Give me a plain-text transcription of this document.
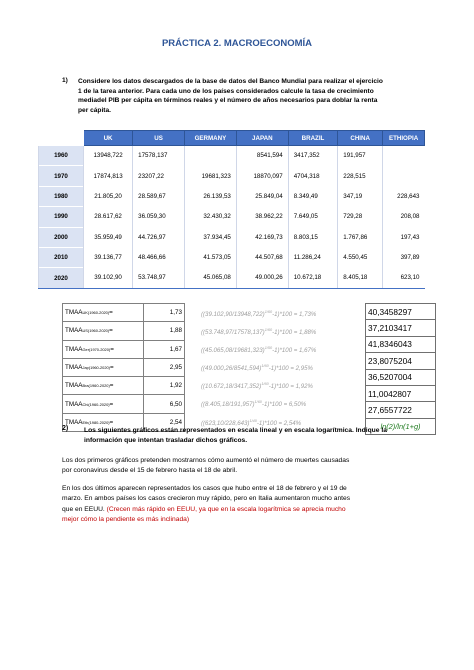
PRÁCTICA 2. MACROECONOMÍA
1) Considere los datos descargados de la base de datos del Banco Mundial para realizar el ejercicio
1 de la tarea anterior. Para cada uno de los países considerados calcule la tasa de crecimiento
mediadel PIB per cápita en términos reales y el número de años necesarios para doblar la renta
per cápita.
	UK	US	GERMANY	JAPAN	BRAZIL	CHINA	ETHIOPIA
1960	13948,722	17578,137		8541,594	3417,352	191,957	
1970	17874,813	23207,22	19681,323	18870,097	4704,318	228,515	
1980	21.805,20	28.589,67	26.139,53	25.849,04	8.349,49	347,19	228,643
1990	28.617,62	36.059,30	32.430,32	38.962,22	7.649,05	729,28	208,08
2000	35.959,49	44.726,97	37.934,45	42.169,73	8.803,15	1.767,86	197,43
2010	39.136,77	48.466,66	41.573,05	44.507,68	11.286,24	4.550,45	397,89
2020	39.102,90	53.748,97	45.065,08	49.000,26	10.672,18	8.405,18	623,10
TMAAUK(1960-2020)=	1,73
TMAAUS(1960-2020)=	1,88
TMAAGer(1970-2020)=	1,67
TMAAJap(1960-2020)=	2,95
TMAABra(1960-2020)=	1,92
TMAAChi(1960-2020)=	6,50
TMAAEth(1980-2020)=	2,54
$((39.102,90/13948,722)^{1/60}-1)*100 = 1,73\%$
$((53.748,97/17578,137)^{1/60}-1)*100 = 1,88\%$
$((45.065,08/19681,323)^{1/50}-1)*100 = 1,67\%$
$((49.000,26/8541,594)^{1/60}-1)*100 = 2,95\%$
$((10.672,18/3417,352)^{1/60}-1)*100 = 1,92\%$
$((8.405,18/191,957)^{1/60}-1)*100 = 6,50\%$
$((623,10/228,643)^{1/40}-1)*100 = 2,54\%$
40,3458297
37,2103417
41,8346043
23,8075204
36,5207004
11,0042807
27,6557722
ln(2)/ln(1+g)
2) Los siguientes gráficos están representados en escala lineal y en escala logarítmica. Indique la
información que intentan trasladar dichos gráficos.
Los dos primeros gráficos pretenden mostrarnos cómo aumentó el número de muertes causadas
por coronavirus desde el 15 de febrero hasta el 18 de abril.
En los dos últimos aparecen representados los casos que hubo entre el 18 de febrero y el 19 de
marzo. En ambos países los casos crecieron muy rápido, pero en Italia aumentaron mucho antes
que en EEUU. (Crecen más rápido en EEUU, ya que en la escala logarítmica se aprecia mucho
mejor cómo la pendiente es más inclinada)
